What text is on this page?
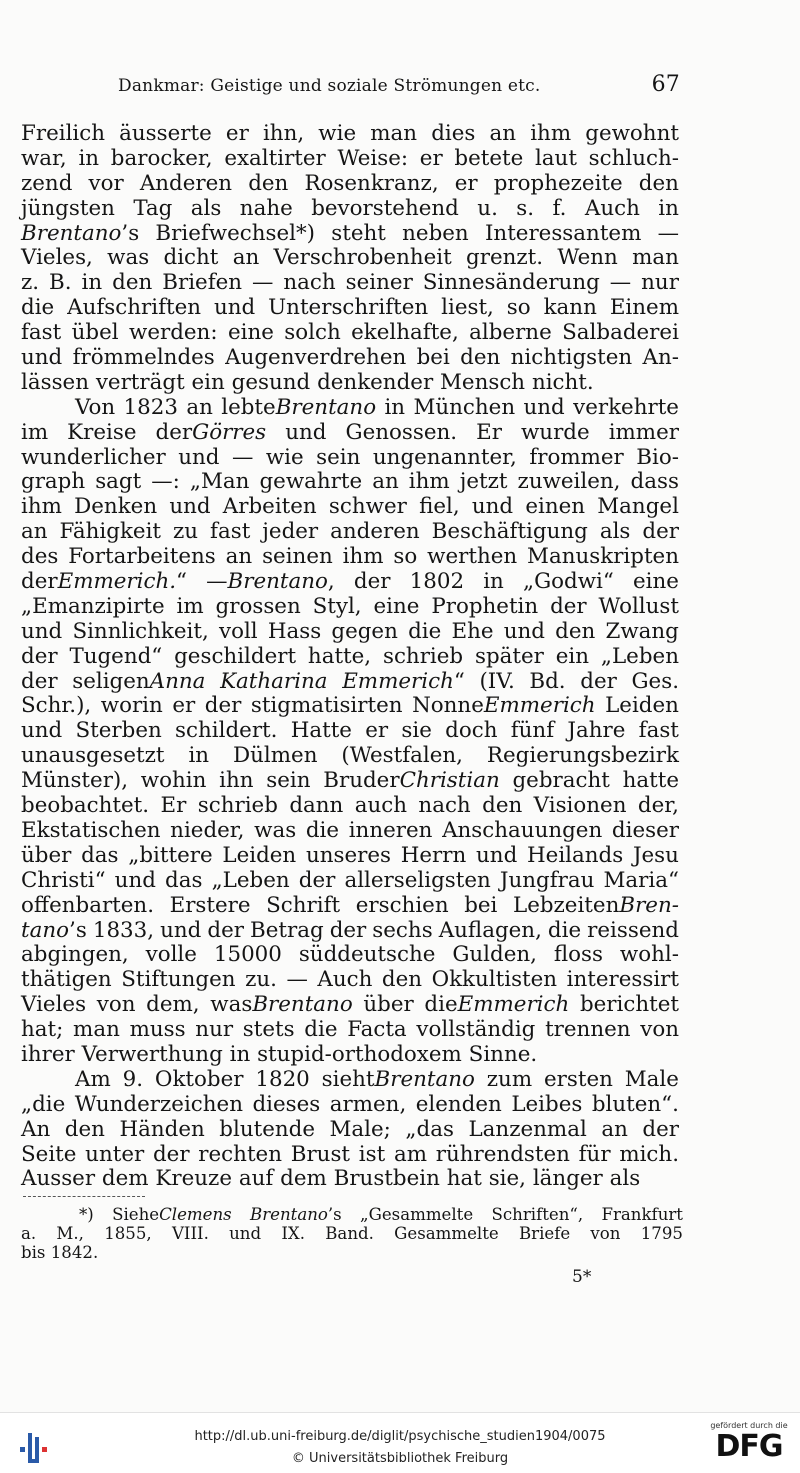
Dankmar: Geistige und soziale Strömungen etc.	67
Freilich äusserte er ihn, wie man dies an ihm gewohnt
war, in barocker, exaltirter Weise: er betete laut schluch-
zend vor Anderen den Rosenkranz, er prophezeite den
jüngsten Tag als nahe bevorstehend u. s. f. Auch in
Brentano’s Briefwechsel*) steht neben Interessantem —
Vieles, was dicht an Verschrobenheit grenzt. Wenn man
z. B. in den Briefen — nach seiner Sinnesänderung — nur
die Aufschriften und Unterschriften liest, so kann Einem
fast übel werden: eine solch ekelhafte, alberne Salbaderei
und frömmelndes Augenverdrehen bei den nichtigsten An-
lässen verträgt ein gesund denkender Mensch nicht.
Von 1823 an lebteBrentano in München und verkehrte
im Kreise derGörres und Genossen. Er wurde immer
wunderlicher und — wie sein ungenannter, frommer Bio-
graph sagt —: „Man gewahrte an ihm jetzt zuweilen, dass
ihm Denken und Arbeiten schwer fiel, und einen Mangel
an Fähigkeit zu fast jeder anderen Beschäftigung als der
des Fortarbeitens an seinen ihm so werthen Manuskripten
derEmmerich.“ —Brentano, der 1802 in „Godwi“ eine
„Emanzipirte im grossen Styl, eine Prophetin der Wollust
und Sinnlichkeit, voll Hass gegen die Ehe und den Zwang
der Tugend“ geschildert hatte, schrieb später ein „Leben
der seligenAnna Katharina Emmerich“ (IV. Bd. der Ges.
Schr.), worin er der stigmatisirten NonneEmmerich Leiden
und Sterben schildert. Hatte er sie doch fünf Jahre fast
unausgesetzt in Dülmen (Westfalen, Regierungsbezirk
Münster), wohin ihn sein BruderChristian gebracht hatte
beobachtet. Er schrieb dann auch nach den Visionen der,
Ekstatischen nieder, was die inneren Anschauungen dieser
über das „bittere Leiden unseres Herrn und Heilands Jesu
Christi“ und das „Leben der allerseligsten Jungfrau Maria“
offenbarten. Erstere Schrift erschien bei LebzeitenBren-
tano’s 1833, und der Betrag der sechs Auflagen, die reissend
abgingen, volle 15000 süddeutsche Gulden, floss wohl-
thätigen Stiftungen zu. — Auch den Okkultisten interessirt
Vieles von dem, wasBrentano über dieEmmerich berichtet
hat; man muss nur stets die Facta vollständig trennen von
ihrer Verwerthung in stupid-orthodoxem Sinne.
Am 9. Oktober 1820 siehtBrentano zum ersten Male
„die Wunderzeichen dieses armen, elenden Leibes bluten“.
An den Händen blutende Male; „das Lanzenmal an der
Seite unter der rechten Brust ist am rührendsten für mich.
Ausser dem Kreuze auf dem Brustbein hat sie, länger als
*) SieheClemens Brentano’s „Gesammelte Schriften“, Frankfurt
a. M., 1855, VIII. und IX. Band. Gesammelte Briefe von 1795
bis 1842.
5*
http://dl.ub.uni-freiburg.de/diglit/psychische_studien1904/0075
© Universitätsbibliothek Freiburg
gefördert durch die
DFG
